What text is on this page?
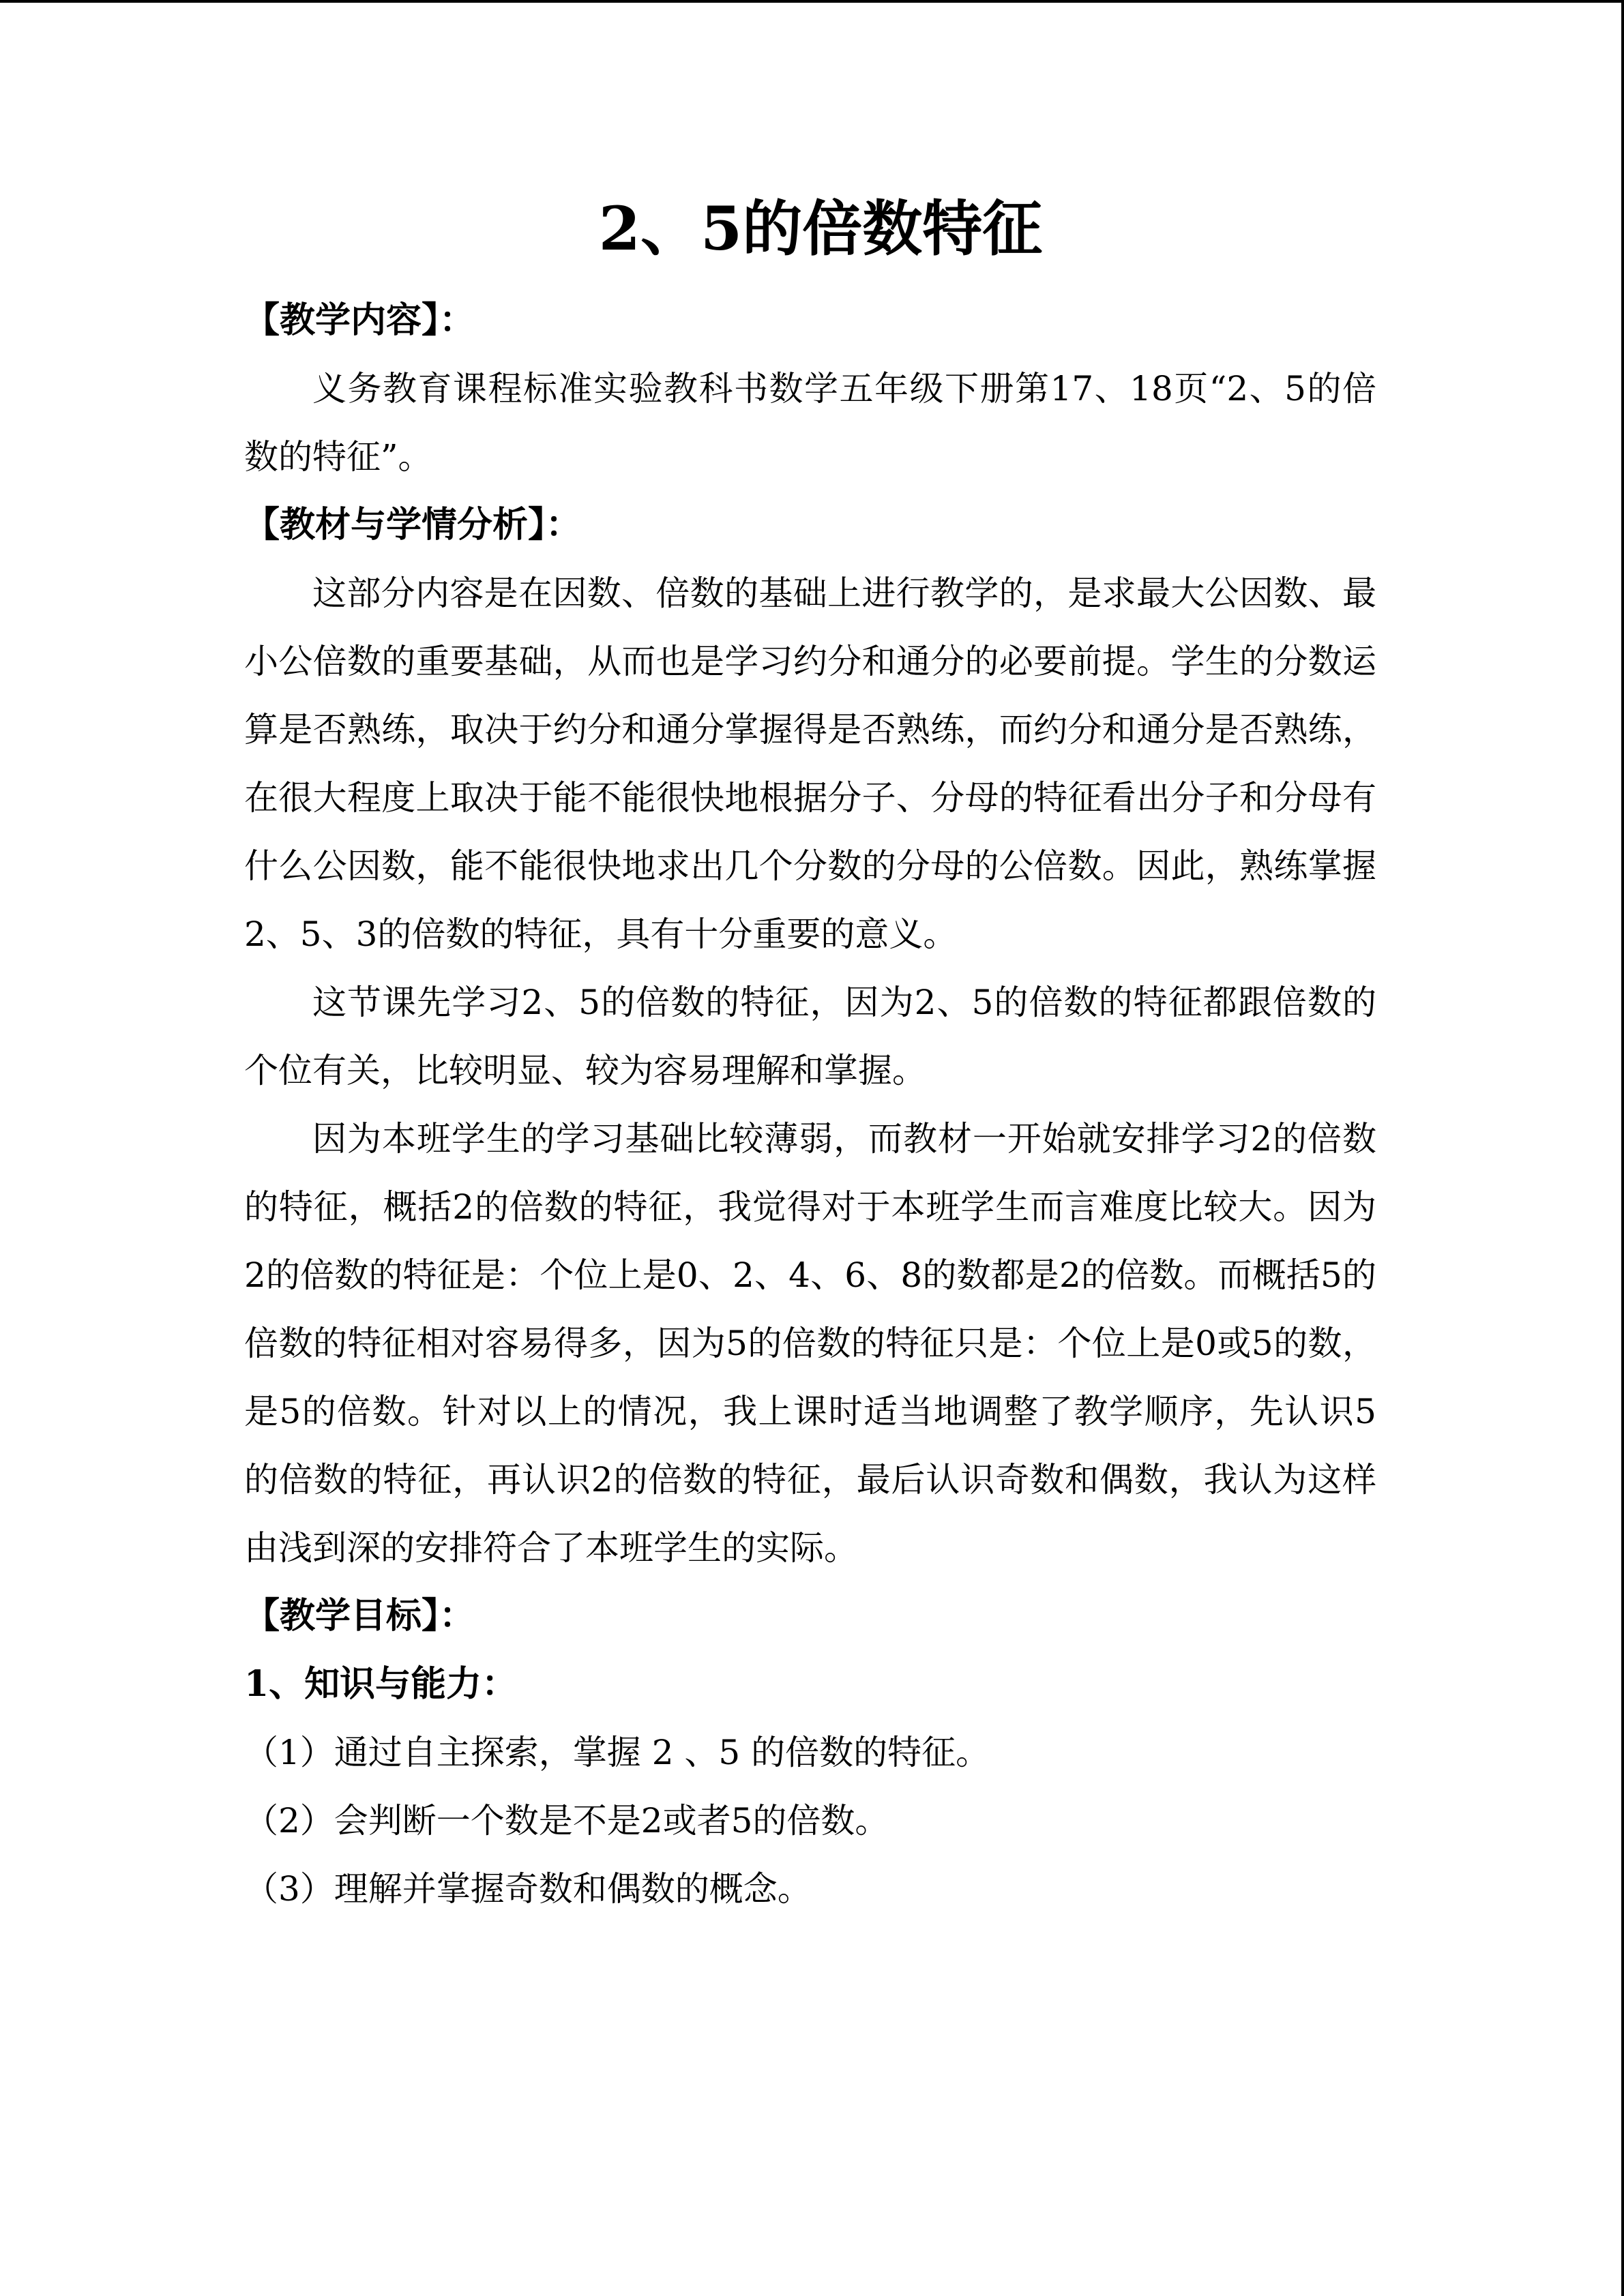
2、5的倍数特征

【教学内容】：

义务教育课程标准实验教科书数学五年级下册第17、18页“2、5的倍数的特征”。

【教材与学情分析】：

这部分内容是在因数、倍数的基础上进行教学的，是求最大公因数、最小公倍数的重要基础，从而也是学习约分和通分的必要前提。学生的分数运算是否熟练，取决于约分和通分掌握得是否熟练，而约分和通分是否熟练，在很大程度上取决于能不能很快地根据分子、分母的特征看出分子和分母有什么公因数，能不能很快地求出几个分数的分母的公倍数。因此，熟练掌握2、5、3的倍数的特征，具有十分重要的意义。

这节课先学习2、5的倍数的特征，因为2、5的倍数的特征都跟倍数的个位有关，比较明显、较为容易理解和掌握。

因为本班学生的学习基础比较薄弱，而教材一开始就安排学习2的倍数的特征，概括2的倍数的特征，我觉得对于本班学生而言难度比较大。因为2的倍数的特征是：个位上是0、2、4、6、8的数都是2的倍数。而概括5的倍数的特征相对容易得多，因为5的倍数的特征只是：个位上是0或5的数，是5的倍数。针对以上的情况，我上课时适当地调整了教学顺序，先认识5的倍数的特征，再认识2的倍数的特征，最后认识奇数和偶数，我认为这样由浅到深的安排符合了本班学生的实际。

【教学目标】：

1、知识与能力：

（1）通过自主探索，掌握 2 、5 的倍数的特征。

（2）会判断一个数是不是2或者5的倍数。

（3）理解并掌握奇数和偶数的概念。
